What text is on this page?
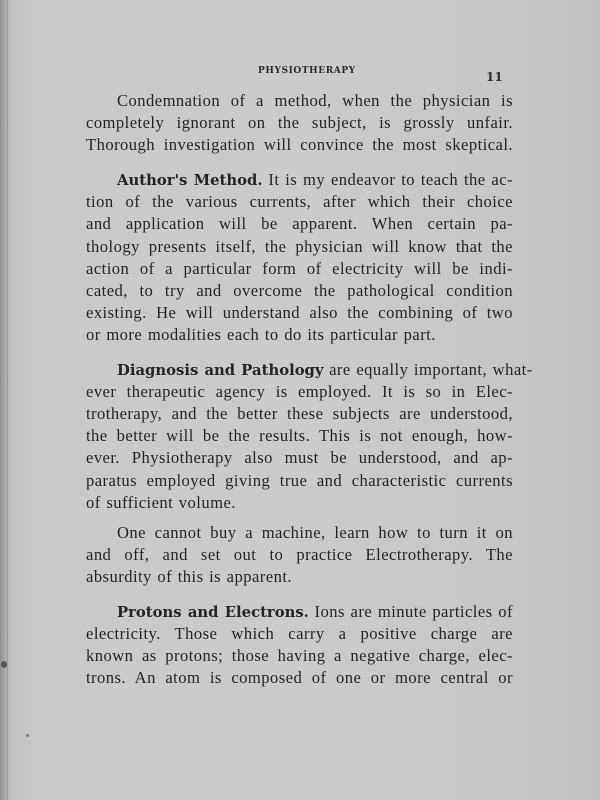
PHYSIOTHERAPY	11
Condemnation of a method, when the physician is
completely ignorant on the subject, is grossly unfair.
Thorough investigation will convince the most skeptical.
Author's Method. It is my endeavor to teach the ac-
tion of the various currents, after which their choice
and application will be apparent. When certain pa-
thology presents itself, the physician will know that the
action of a particular form of electricity will be indi-
cated, to try and overcome the pathological condition
existing. He will understand also the combining of two
or more modalities each to do its particular part.
Diagnosis and Pathology are equally important, what-
ever therapeutic agency is employed. It is so in Elec-
trotherapy, and the better these subjects are understood,
the better will be the results. This is not enough, how-
ever. Physiotherapy also must be understood, and ap-
paratus employed giving true and characteristic currents
of sufficient volume.
One cannot buy a machine, learn how to turn it on
and off, and set out to practice Electrotherapy. The
absurdity of this is apparent.
Protons and Electrons. Ions are minute particles of
electricity. Those which carry a positive charge are
known as protons; those having a negative charge, elec-
trons. An atom is composed of one or more central or
